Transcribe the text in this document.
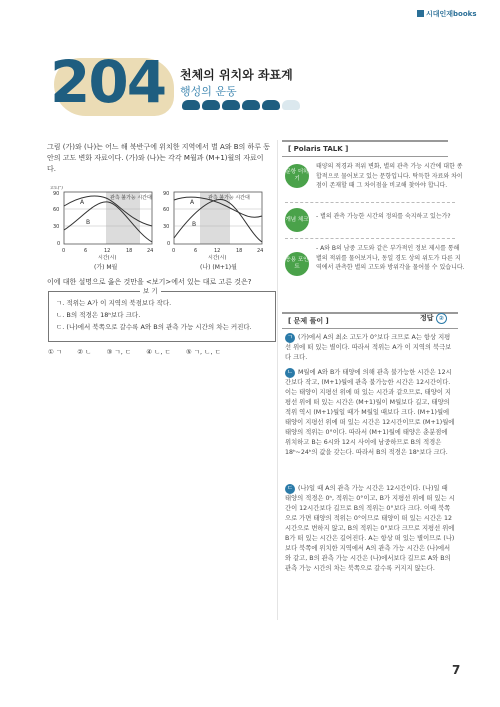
시대인재books
204 천체의 위치와 좌표계
행성의 운동
그림 (가)와 (나)는 어느 해 북반구에 위치한 지역에서 별 A와 B의 하루 동안의 고도 변화 자료이다. (가)와 (나)는 각각 M월과 (M+1)월의 자료이다.
관측 불가능 시간대
A
B
90
60
30
0
0	6	12	18	24
시간(시)
(가) M월
관측 불가능 시간대
A
B
90
60
30
0
0	6	12	18	24
시간(시)
(나) (M+1)월
고도(°)
이에 대한 설명으로 옳은 것만을 <보기>에서 있는 대로 고른 것은?
보 기
ㄱ. 적위는 A가 이 지역의 북점보다 작다.
ㄴ. B의 적경은 18ʰ보다 크다.
ㄷ. (나)에서 북쪽으로 갈수록 A와 B의 관측 가능 시간의 차는 커진다.
① ㄱ ② ㄴ ③ ㄱ, ㄷ ④ ㄴ, ㄷ ⑤ ㄱ, ㄴ, ㄷ
[ Polaris TALK ]
문항 더하기
태양의 적경과 적위 변화, 별의 관측 가능 시간에 대한 종합적으로 물어보고 있는 문항입니다. 탁득한 자료와 차이점이 존재할 때 그 차이점을 비교해 찾아야 합니다.
개념 체크 - 별의 관측 가능한 시간의 정의를 숙지하고 있는가?
응용 포인트
- A와 B의 남중 고도와 같은 부가적인 정보 제시를 통해 별의 적위를 물어보거나, 동일 경도 상의 위도가 다른 지역에서 관측한 별의 고도와 방위각을 물어볼 수 있습니다.
[ 문제 풀이 ]	정답 ②
ㄱ (가)에서 A의 최소 고도가 0°보다 크므로 A는 항상 지평선 위에 떠 있는 별이다. 따라서 적위는 A가 이 지역의 북극보다 크다.
ㄴ M월에 A와 B가 태양에 의해 관측 불가능한 시간은 12시간보다 작고, (M+1)월에 관측 불가능한 시간은 12시간이다. 이는 태양이 지평선 위에 떠 있는 시간과 같으므로, 태양이 지평선 위에 떠 있는 시간은 (M+1)월이 M월보다 길고, 태양의 적위 역시 (M+1)월일 때가 M월일 때보다 크다. (M+1)월에 태양이 지평선 위에 떠 있는 시간은 12시간이므로 (M+1)월에 태양의 적위는 0°이다. 따라서 (M+1)월에 태양은 춘분점에 위치하고 B는 6시와 12시 사이에 남중하므로 B의 적경은 18ʰ~24ʰ의 값을 갖는다. 따라서 B의 적경은 18ʰ보다 크다.
ㄷ (나)일 때 A의 관측 가능 시간은 12시간이다. (나)일 때 태양의 적경은 0ʰ, 적위는 0°이고, B가 지평선 위에 떠 있는 시간이 12시간보다 길므로 B의 적위는 0°보다 크다. 이때 북쪽으로 가면 태양의 적위는 0°이므로 태양이 떠 있는 시간은 12시간으로 변하지 않고, B의 적위는 0°보다 크므로 지평선 위에 B가 떠 있는 시간은 길어진다. A는 항상 떠 있는 별이므로 (나)보다 북쪽에 위치한 지역에서 A의 관측 가능 시간은 (나)에서와 같고, B의 관측 가능 시간은 (나)에서보다 길므로 A와 B의 관측 가능 시간의 차는 북쪽으로 갈수록 커지지 않는다.
7
